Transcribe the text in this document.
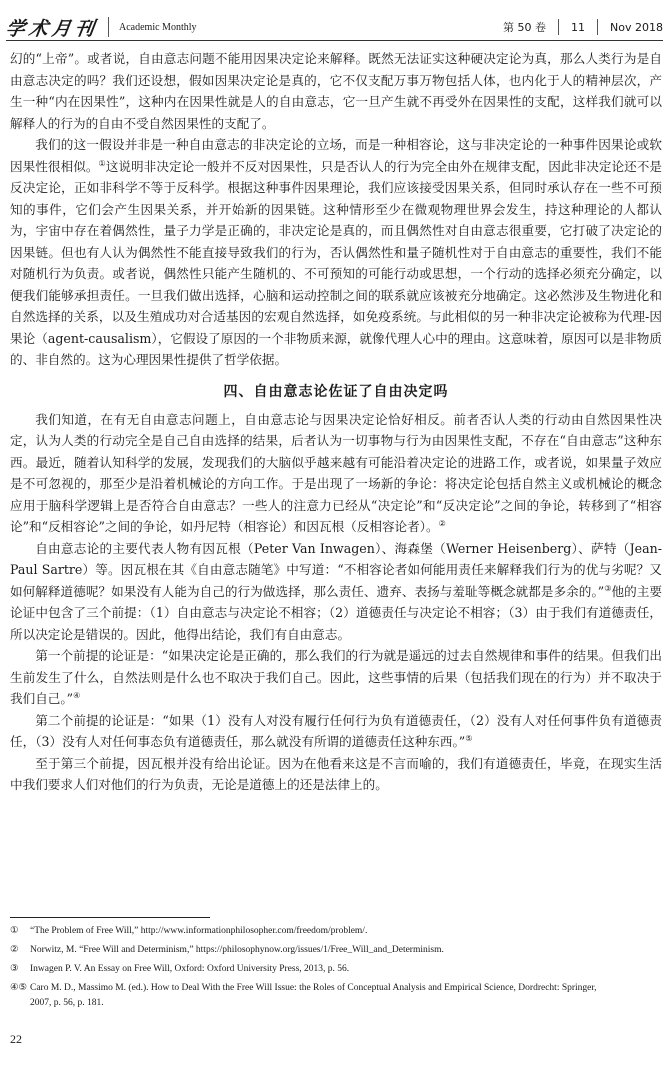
学术月刊 Academic Monthly	第 50 卷	11	Nov 2018

幻的“上帝”。或者说，自由意志问题不能用因果决定论来解释。既然无法证实这种硬决定论为真，那么人类行为是自由意志决定的吗？我们还设想，假如因果决定论是真的，它不仅支配万事万物包括人体，也内化于人的精神层次，产生一种“内在因果性”，这种内在因果性就是人的自由意志，它一旦产生就不再受外在因果性的支配，这样我们就可以解释人的行为的自由不受自然因果性的支配了。

我们的这一假设并非是一种自由意志的非决定论的立场，而是一种相容论，这与非决定论的一种事件因果论或软因果性很相似。①这说明非决定论一般并不反对因果性，只是否认人的行为完全由外在规律支配，因此非决定论还不是反决定论，正如非科学不等于反科学。根据这种事件因果理论，我们应该接受因果关系，但同时承认存在一些不可预知的事件，它们会产生因果关系，并开始新的因果链。这种情形至少在微观物理世界会发生，持这种理论的人都认为，宇宙中存在着偶然性，量子力学是正确的，非决定论是真的，而且偶然性对自由意志很重要，它打破了决定论的因果链。但也有人认为偶然性不能直接导致我们的行为，否认偶然性和量子随机性对于自由意志的重要性，我们不能对随机行为负责。或者说，偶然性只能产生随机的、不可预知的可能行动或思想，一个行动的选择必须充分确定，以便我们能够承担责任。一旦我们做出选择，心脑和运动控制之间的联系就应该被充分地确定。这必然涉及生物进化和自然选择的关系，以及生殖成功对合适基因的宏观自然选择，如免疫系统。与此相似的另一种非决定论被称为代理-因果论（agent-causalism），它假设了原因的一个非物质来源，就像代理人心中的理由。这意味着，原因可以是非物质的、非自然的。这为心理因果性提供了哲学依据。

四、自由意志论佐证了自由决定吗

我们知道，在有无自由意志问题上，自由意志论与因果决定论恰好相反。前者否认人类的行动由自然因果性决定，认为人类的行动完全是自己自由选择的结果，后者认为一切事物与行为由因果性支配，不存在“自由意志”这种东西。最近，随着认知科学的发展，发现我们的大脑似乎越来越有可能沿着决定论的进路工作，或者说，如果量子效应是不可忽视的，那至少是沿着机械论的方向工作。于是出现了一场新的争论：将决定论包括自然主义或机械论的概念应用于脑科学逻辑上是否符合自由意志？一些人的注意力已经从“决定论”和“反决定论”之间的争论，转移到了“相容论”和“反相容论”之间的争论，如丹尼特（相容论）和因瓦根（反相容论者）。②

自由意志论的主要代表人物有因瓦根（Peter Van Inwagen）、海森堡（Werner Heisenberg）、萨特（Jean-Paul Sartre）等。因瓦根在其《自由意志随笔》中写道：“不相容论者如何能用责任来解释我们行为的优与劣呢？又如何解释道德呢？如果没有人能为自己的行为做选择，那么责任、遗弃、表扬与羞耻等概念就都是多余的。”③他的主要论证中包含了三个前提：（1）自由意志与决定论不相容；（2）道德责任与决定论不相容；（3）由于我们有道德责任，所以决定论是错误的。因此，他得出结论，我们有自由意志。

第一个前提的论证是：“如果决定论是正确的，那么我们的行为就是遥远的过去自然规律和事件的结果。但我们出生前发生了什么，自然法则是什么也不取决于我们自己。因此，这些事情的后果（包括我们现在的行为）并不取决于我们自己。”④

第二个前提的论证是：“如果（1）没有人对没有履行任何行为负有道德责任，（2）没有人对任何事件负有道德责任，（3）没有人对任何事态负有道德责任，那么就没有所谓的道德责任这种东西。”⑤

至于第三个前提，因瓦根并没有给出论证。因为在他看来这是不言而喻的，我们有道德责任，毕竟，在现实生活中我们要求人们对他们的行为负责，无论是道德上的还是法律上的。

①	“The Problem of Free Will,” http://www.informationphilosopher.com/freedom/problem/.
②	Norwitz, M. “Free Will and Determinism,” https://philosophynow.org/issues/1/Free_Will_and_Determinism.
③	Inwagen P. V. An Essay on Free Will, Oxford: Oxford University Press, 2013, p. 56.
④⑤ Caro M. D., Massimo M. (ed.). How to Deal With the Free Will Issue: the Roles of Conceptual Analysis and Empirical Science, Dordrecht: Springer,
2007, p. 56, p. 181.
22
